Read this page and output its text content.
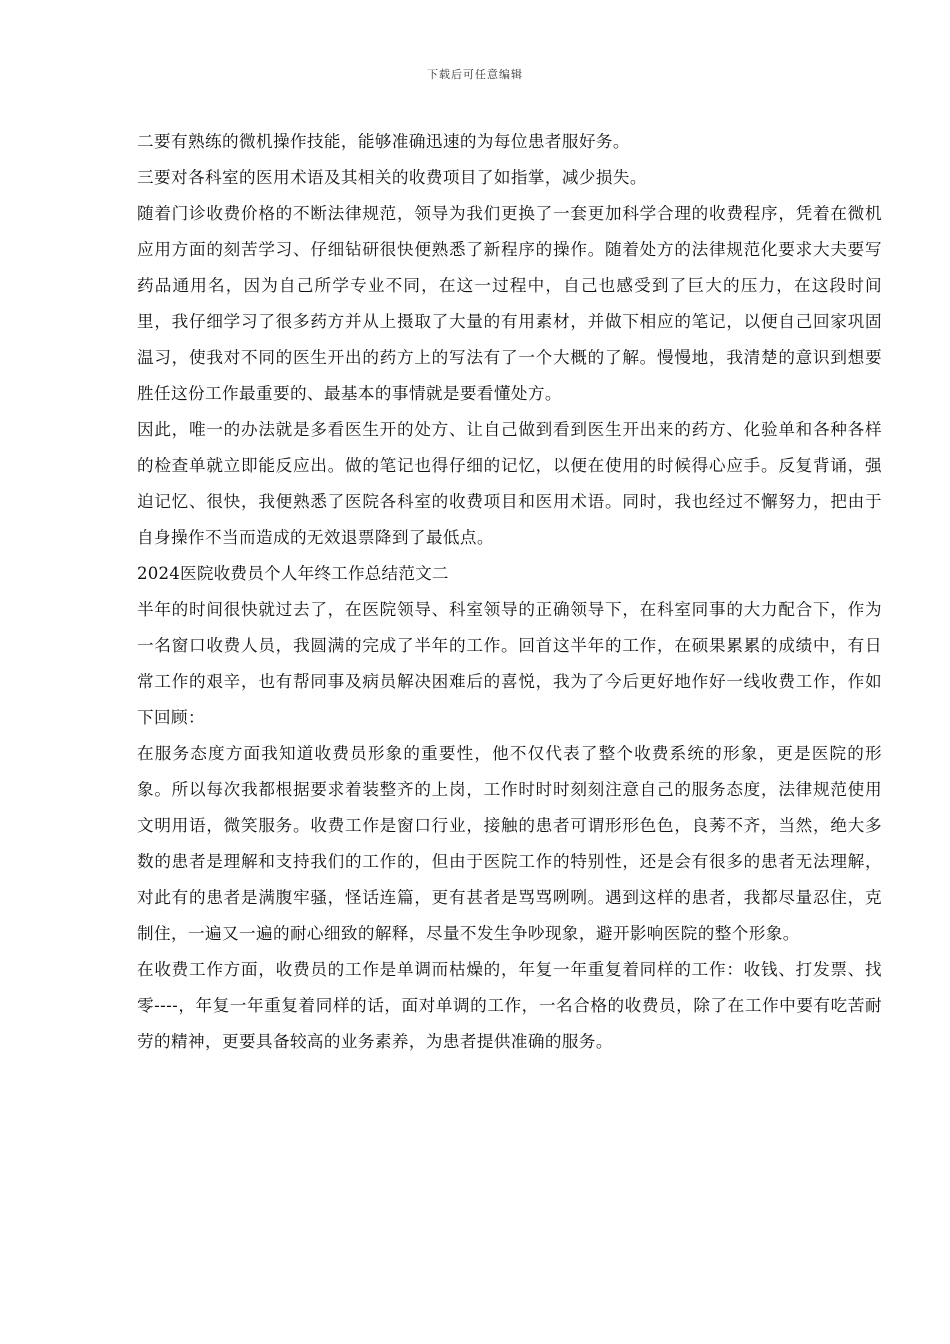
下载后可任意编辑

二要有熟练的微机操作技能，能够准确迅速的为每位患者服好务。

三要对各科室的医用术语及其相关的收费项目了如指掌，减少损失。

随着门诊收费价格的不断法律规范，领导为我们更换了一套更加科学合理的收费程序，凭着在微机应用方面的刻苦学习、仔细钻研很快便熟悉了新程序的操作。随着处方的法律规范化要求大夫要写药品通用名，因为自己所学专业不同，在这一过程中，自己也感受到了巨大的压力，在这段时间里，我仔细学习了很多药方并从上摄取了大量的有用素材，并做下相应的笔记，以便自己回家巩固温习，使我对不同的医生开出的药方上的写法有了一个大概的了解。慢慢地，我清楚的意识到想要胜任这份工作最重要的、最基本的事情就是要看懂处方。

因此，唯一的办法就是多看医生开的处方、让自己做到看到医生开出来的药方、化验单和各种各样的检查单就立即能反应出。做的笔记也得仔细的记忆，以便在使用的时候得心应手。反复背诵，强迫记忆、很快，我便熟悉了医院各科室的收费项目和医用术语。同时，我也经过不懈努力，把由于自身操作不当而造成的无效退票降到了最低点。

2024医院收费员个人年终工作总结范文二

半年的时间很快就过去了，在医院领导、科室领导的正确领导下，在科室同事的大力配合下，作为一名窗口收费人员，我圆满的完成了半年的工作。回首这半年的工作，在硕果累累的成绩中，有日常工作的艰辛，也有帮同事及病员解决困难后的喜悦，我为了今后更好地作好一线收费工作，作如下回顾：

在服务态度方面我知道收费员形象的重要性，他不仅代表了整个收费系统的形象，更是医院的形象。所以每次我都根据要求着装整齐的上岗，工作时时时刻刻注意自己的服务态度，法律规范使用文明用语，微笑服务。收费工作是窗口行业，接触的患者可谓形形色色，良莠不齐，当然，绝大多数的患者是理解和支持我们的工作的，但由于医院工作的特别性，还是会有很多的患者无法理解，对此有的患者是满腹牢骚，怪话连篇，更有甚者是骂骂咧咧。遇到这样的患者，我都尽量忍住，克制住，一遍又一遍的耐心细致的解释，尽量不发生争吵现象，避开影响医院的整个形象。

在收费工作方面，收费员的工作是单调而枯燥的，年复一年重复着同样的工作：收钱、打发票、找零----，年复一年重复着同样的话，面对单调的工作，一名合格的收费员，除了在工作中要有吃苦耐劳的精神，更要具备较高的业务素养，为患者提供准确的服务。
